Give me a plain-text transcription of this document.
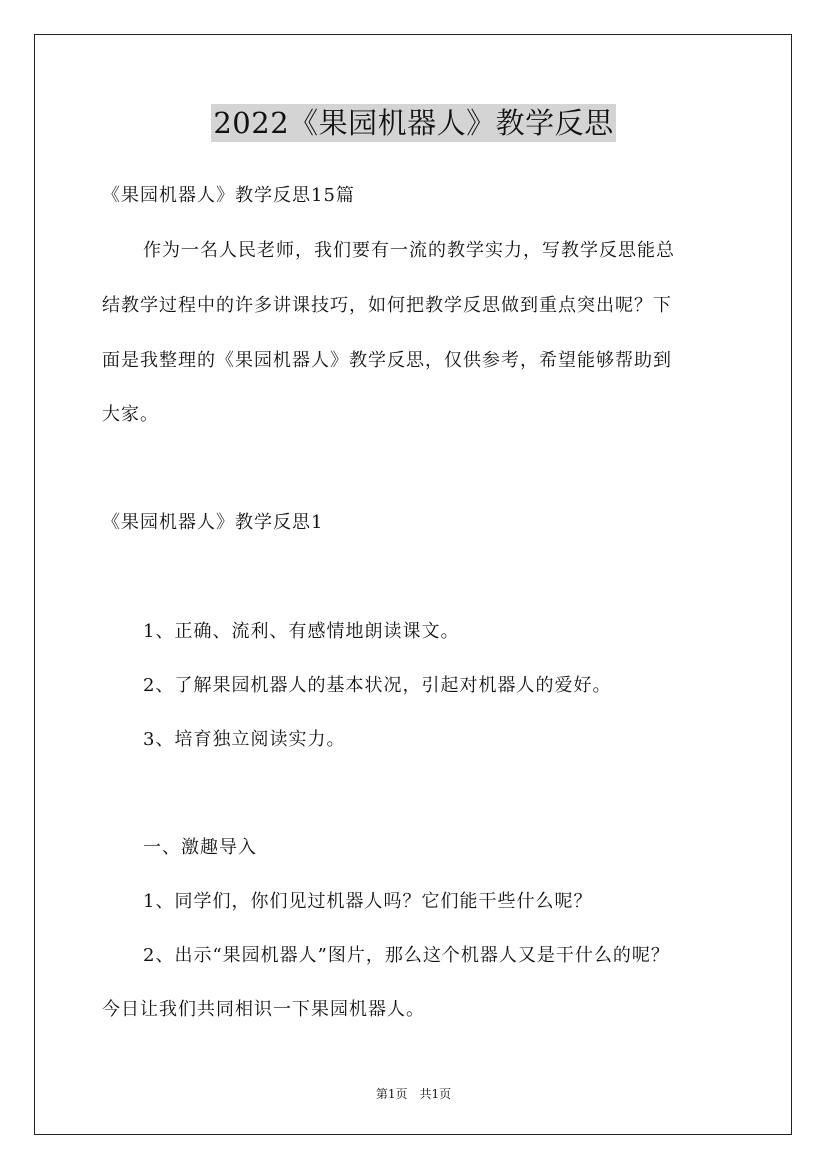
2022《果园机器人》教学反思
《果园机器人》教学反思15篇
作为一名人民老师，我们要有一流的教学实力，写教学反思能总
结教学过程中的许多讲课技巧，如何把教学反思做到重点突出呢？下
面是我整理的《果园机器人》教学反思，仅供参考，希望能够帮助到
大家。
《果园机器人》教学反思1
1、正确、流利、有感情地朗读课文。
2、了解果园机器人的基本状况，引起对机器人的爱好。
3、培育独立阅读实力。
一、激趣导入
1、同学们，你们见过机器人吗？它们能干些什么呢？
2、出示“果园机器人”图片，那么这个机器人又是干什么的呢？
今日让我们共同相识一下果园机器人。
第1页　共1页
